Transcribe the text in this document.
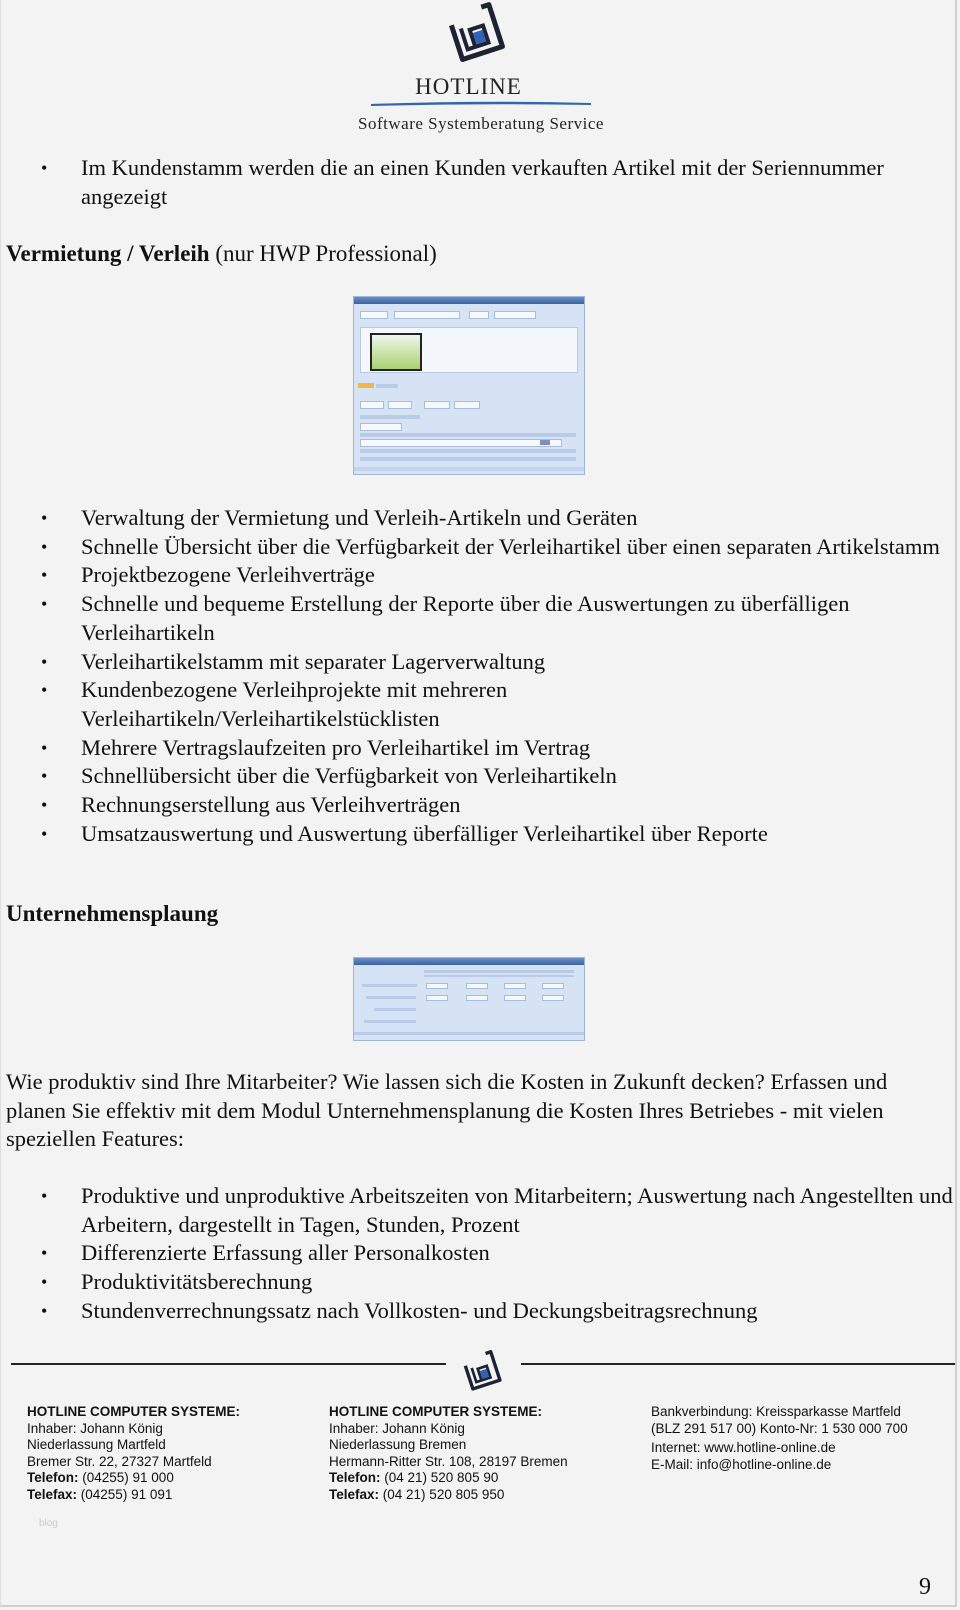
HOTLINE
Software Systemberatung Service
• Im Kundenstamm werden die an einen Kunden verkauften Artikel mit der Seriennummer angezeigt
Vermietung / Verleih (nur HWP Professional)
• Verwaltung der Vermietung und Verleih-Artikeln und Geräten
• Schnelle Übersicht über die Verfügbarkeit der Verleihartikel über einen separaten Artikelstamm
• Projektbezogene Verleihverträge
• Schnelle und bequeme Erstellung der Reporte über die Auswertungen zu überfälligen Verleihartikeln
• Verleihartikelstamm mit separater Lagerverwaltung
• Kundenbezogene Verleihprojekte mit mehreren Verleihartikeln/Verleihartikelstücklisten
• Mehrere Vertragslaufzeiten pro Verleihartikel im Vertrag
• Schnellübersicht über die Verfügbarkeit von Verleihartikeln
• Rechnungserstellung aus Verleihverträgen
• Umsatzauswertung und Auswertung überfälliger Verleihartikel über Reporte
Unternehmensplaung
Wie produktiv sind Ihre Mitarbeiter? Wie lassen sich die Kosten in Zukunft decken? Erfassen und planen Sie effektiv mit dem Modul Unternehmensplanung die Kosten Ihres Betriebes - mit vielen speziellen Features:
• Produktive und unproduktive Arbeitszeiten von Mitarbeitern; Auswertung nach Angestellten und Arbeitern, dargestellt in Tagen, Stunden, Prozent
• Differenzierte Erfassung aller Personalkosten
• Produktivitätsberechnung
• Stundenverrechnungssatz nach Vollkosten- und Deckungsbeitragsrechnung
HOTLINE COMPUTER SYSTEME:
Inhaber: Johann König
Niederlassung Martfeld
Bremer Str. 22, 27327 Martfeld
Telefon: (04255) 91 000
Telefax: (04255) 91 091
HOTLINE COMPUTER SYSTEME:
Inhaber: Johann König
Niederlassung Bremen
Hermann-Ritter Str. 108, 28197 Bremen
Telefon: (04 21) 520 805 90
Telefax: (04 21) 520 805 950
Bankverbindung: Kreissparkasse Martfeld
(BLZ 291 517 00) Konto-Nr: 1 530 000 700
Internet: www.hotline-online.de
E-Mail: info@hotline-online.de
blog
9
